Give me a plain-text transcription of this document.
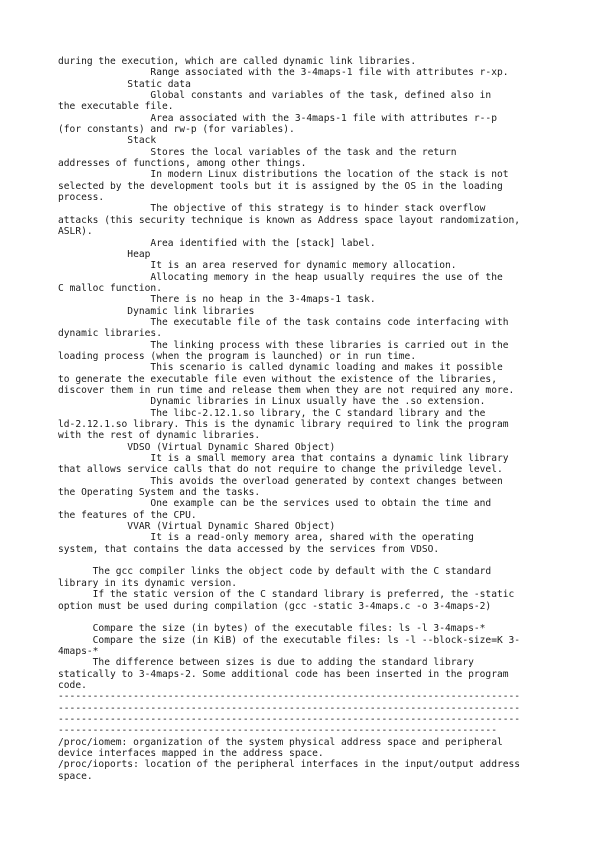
during the execution, which are called dynamic link libraries.
Range associated with the 3-4maps-1 file with attributes r-xp.
Static data
Global constants and variables of the task, defined also in
the executable file.
Area associated with the 3-4maps-1 file with attributes r--p
(for constants) and rw-p (for variables).
Stack
Stores the local variables of the task and the return
addresses of functions, among other things.
In modern Linux distributions the location of the stack is not
selected by the development tools but it is assigned by the OS in the loading
process.
The objective of this strategy is to hinder stack overflow
attacks (this security technique is known as Address space layout randomization,
ASLR).
Area identified with the [stack] label.
Heap
It is an area reserved for dynamic memory allocation.
Allocating memory in the heap usually requires the use of the
C malloc function.
There is no heap in the 3-4maps-1 task.
Dynamic link libraries
The executable file of the task contains code interfacing with
dynamic libraries.
The linking process with these libraries is carried out in the
loading process (when the program is launched) or in run time.
This scenario is called dynamic loading and makes it possible
to generate the executable file even without the existence of the libraries,
discover them in run time and release them when they are not required any more.
Dynamic libraries in Linux usually have the .so extension.
The libc-2.12.1.so library, the C standard library and the
ld-2.12.1.so library. This is the dynamic library required to link the program
with the rest of dynamic libraries.
VDSO (Virtual Dynamic Shared Object)
It is a small memory area that contains a dynamic link library
that allows service calls that do not require to change the priviledge level.
This avoids the overload generated by context changes between
the Operating System and the tasks.
One example can be the services used to obtain the time and
the features of the CPU.
VVAR (Virtual Dynamic Shared Object)
It is a read-only memory area, shared with the operating
system, that contains the data accessed by the services from VDSO.
The gcc compiler links the object code by default with the C standard
library in its dynamic version.
If the static version of the C standard library is preferred, the -static
option must be used during compilation (gcc -static 3-4maps.c -o 3-4maps-2)
Compare the size (in bytes) of the executable files: ls -l 3-4maps-*
Compare the size (in KiB) of the executable files: ls -l --block-size=K 3-
4maps-*
The difference between sizes is due to adding the standard library
statically to 3-4maps-2. Some additional code has been inserted in the program
code.
--------------------------------------------------------------------------------
--------------------------------------------------------------------------------
--------------------------------------------------------------------------------
----------------------------------------------------------------------------
/proc/iomem: organization of the system physical address space and peripheral
device interfaces mapped in the address space.
/proc/ioports: location of the peripheral interfaces in the input/output address
space.
